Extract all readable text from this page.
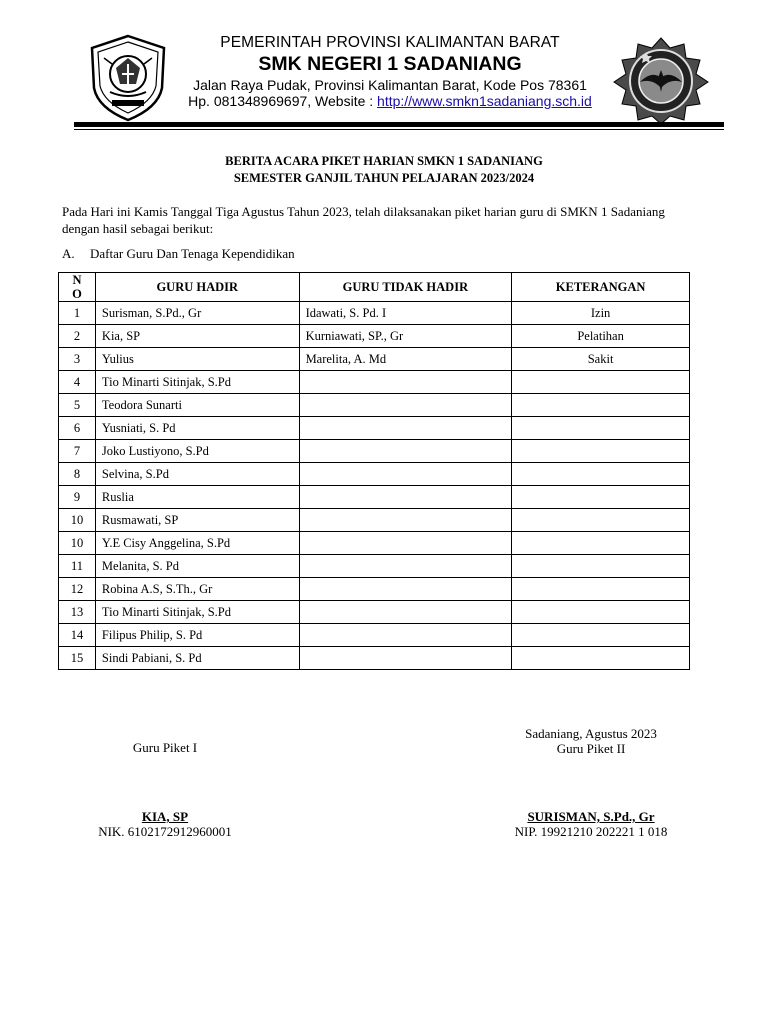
PEMERINTAH PROVINSI KALIMANTAN BARAT
SMK NEGERI 1 SADANIANG
Jalan Raya Pudak, Provinsi Kalimantan Barat, Kode Pos 78361
Hp. 081348969697, Website : http://www.smkn1sadaniang.sch.id
BERITA ACARA PIKET HARIAN SMKN 1 SADANIANG
SEMESTER GANJIL TAHUN PELAJARAN 2023/2024
Pada Hari ini Kamis Tanggal Tiga Agustus Tahun 2023, telah dilaksanakan piket harian guru di SMKN 1 Sadaniang dengan hasil sebagai berikut:
A. Daftar Guru Dan Tenaga Kependidikan
N
O	GURU HADIR	GURU TIDAK HADIR	KETERANGAN
1	Surisman, S.Pd., Gr	Idawati, S. Pd. I	Izin
2	Kia, SP	Kurniawati, SP., Gr	Pelatihan
3	Yulius	Marelita, A. Md	Sakit
4	Tio Minarti Sitinjak, S.Pd		
5	Teodora Sunarti		
6	Yusniati, S. Pd		
7	Joko Lustiyono, S.Pd		
8	Selvina, S.Pd		
9	Ruslia		
10	Rusmawati, SP		
10	Y.E Cisy Anggelina, S.Pd		
11	Melanita, S. Pd		
12	Robina A.S, S.Th., Gr		
13	Tio Minarti Sitinjak, S.Pd		
14	Filipus Philip, S. Pd		
15	Sindi Pabiani, S. Pd		
Sadaniang, Agustus 2023
Guru Piket I	Guru Piket II
KIA, SP	SURISMAN, S.Pd., Gr
NIK. 6102172912960001	NIP. 19921210 202221 1 018
